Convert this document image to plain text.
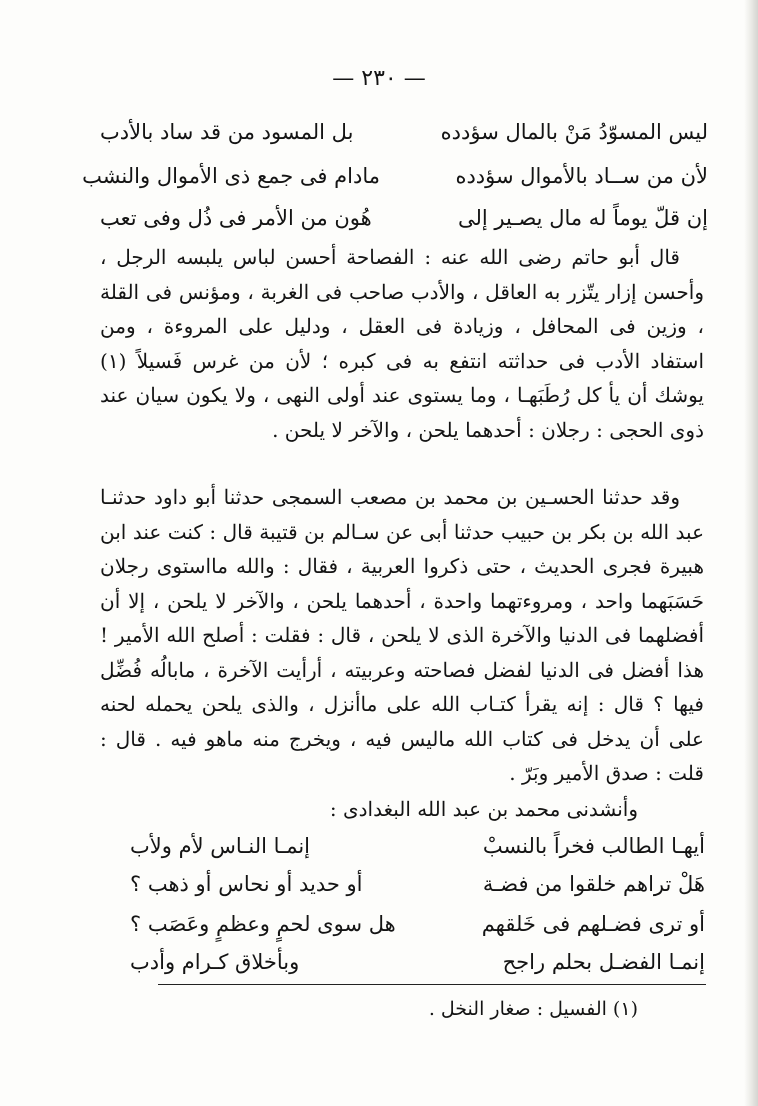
— ٢٣٠ —
ليس المسوّدُ مَنْ بالمال سؤدده
بل المسود من قد ساد بالأدب
لأن من ســاد بالأموال سؤدده
مادام فى جمع ذى الأموال والنشب
إن قلّ يوماً له مال يصـير إلى
هُون من الأمر فى ذُل وفى تعب

قال أبو حاتم رضى الله عنه : الفصاحة أحسن لباس يلبسه الرجل ، وأحسن إزار يتّزر به العاقل ، والأدب صاحب فى الغربة ، ومؤنس فى القلة ، وزين فى المحافل ، وزيادة فى العقل ، ودليل على المروءة ، ومن استفاد الأدب فى حداثته انتفع به فى كبره ؛ لأن من غرس فَسيلاً (١) يوشك أن يأ كل رُطَبَهـا ، وما يستوى عند أولى النهى ، ولا يكون سيان عند ذوى الحجى : رجلان : أحدهما يلحن ، والآخر لا يلحن .

وقد حدثنا الحسـين بن محمد بن مصعب السمجى حدثنا أبو داود حدثنـا عبد الله بن بكر بن حبيب حدثنا أبى عن سـالم بن قتيبة قال : كنت عند ابن هبيرة فجرى الحديث ، حتى ذكروا العربية ، فقال : والله مااستوى رجلان حَسَبَهما واحد ، ومروءتهما واحدة ، أحدهما يلحن ، والآخر لا يلحن ، إلا أن أفضلهما فى الدنيا والآخرة الذى لا يلحن ، قال : فقلت : أصلح الله الأمير ! هذا أفضل فى الدنيا لفضل فصاحته وعربيته ، أرأيت الآخرة ، مابالُه فُضِّل فيها ؟ قال : إنه يقرأ كتـاب الله على ماأنزل ، والذى يلحن يحمله لحنه على أن يدخل فى كتاب الله ماليس فيه ، ويخرج منه ماهو فيه . قال : قلت : صدق الأمير وبَرّ .

وأنشدنى محمد بن عبد الله البغدادى :
أيهـا الطالب فخراً بالنسبْ
إنمـا النـاس لأم ولأب
هَلْ تراهم خلقوا من فضـة
أو حديد أو نحاس أو ذهب ؟
أو ترى فضـلهم فى خَلقهم
هل سوى لحمٍ وعظمٍ وعَصَب ؟
إنمـا الفضـل بحلم راجح
وبأخلاق كـرام وأدب
(١) الفسيل : صغار النخل .
